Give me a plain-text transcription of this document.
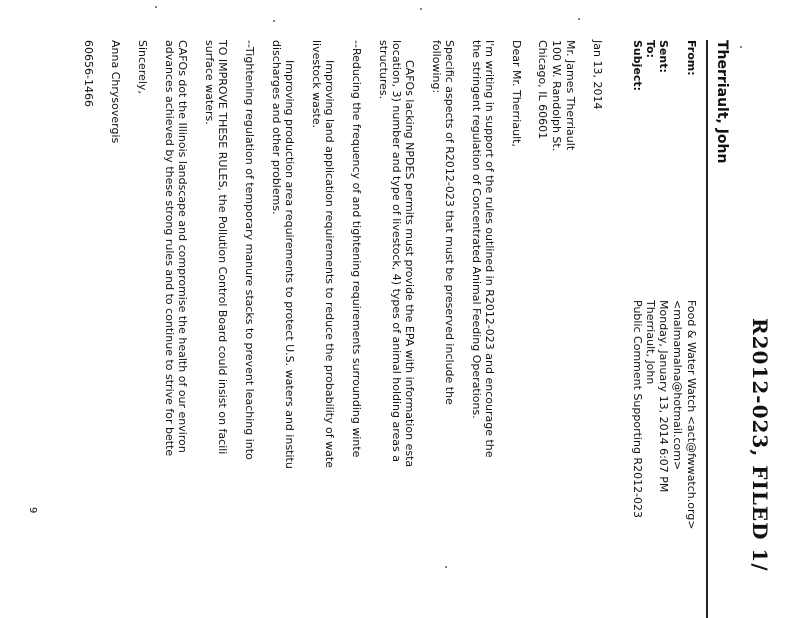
R2012-023, FILED 1/
Therriault, John
From:
Sent:
To:
Subject:
Food & Water Watch <act@fwwatch.org>
<malmamalna@hotmail.com>
Monday, January 13, 2014 6:07 PM
Therriault, John
Public Comment Supporting R2012-023
Jan 13, 2014
Mr. James Therriault
100 W. Randolph St.
Chicago, IL 60601
Dear Mr. Therriault,
I'm writing in support of the rules outlined in R2012-023 and encourage the
the stringent regulation of Concentrated Animal Feeding Operations.
Specific aspects of R2012-023 that must be preserved include the
following:
CAFOs lacking NPDES permits must provide the EPA with information esta
location, 3) number and type of livestock, 4) types of animal holding areas a
structures.
--Reducing the frequency of and tightening requirements surrounding winte
Improving land application requirements to reduce the probability of wate
livestock waste.
Improving production area requirements to protect U.S. waters and institu
discharges and other problems.
--Tightening regulation of temporary manure stacks to prevent leaching into
TO IMPROVE THESE RULES, the Pollution Control Board could insist on facili
surface waters.
CAFOs dot the Illinois landscape and compromise the health of our environ
advances achieved by these strong rules and to continue to strive for bette
Sincerely,
Anna Chrysovergis
60656-1466
9
